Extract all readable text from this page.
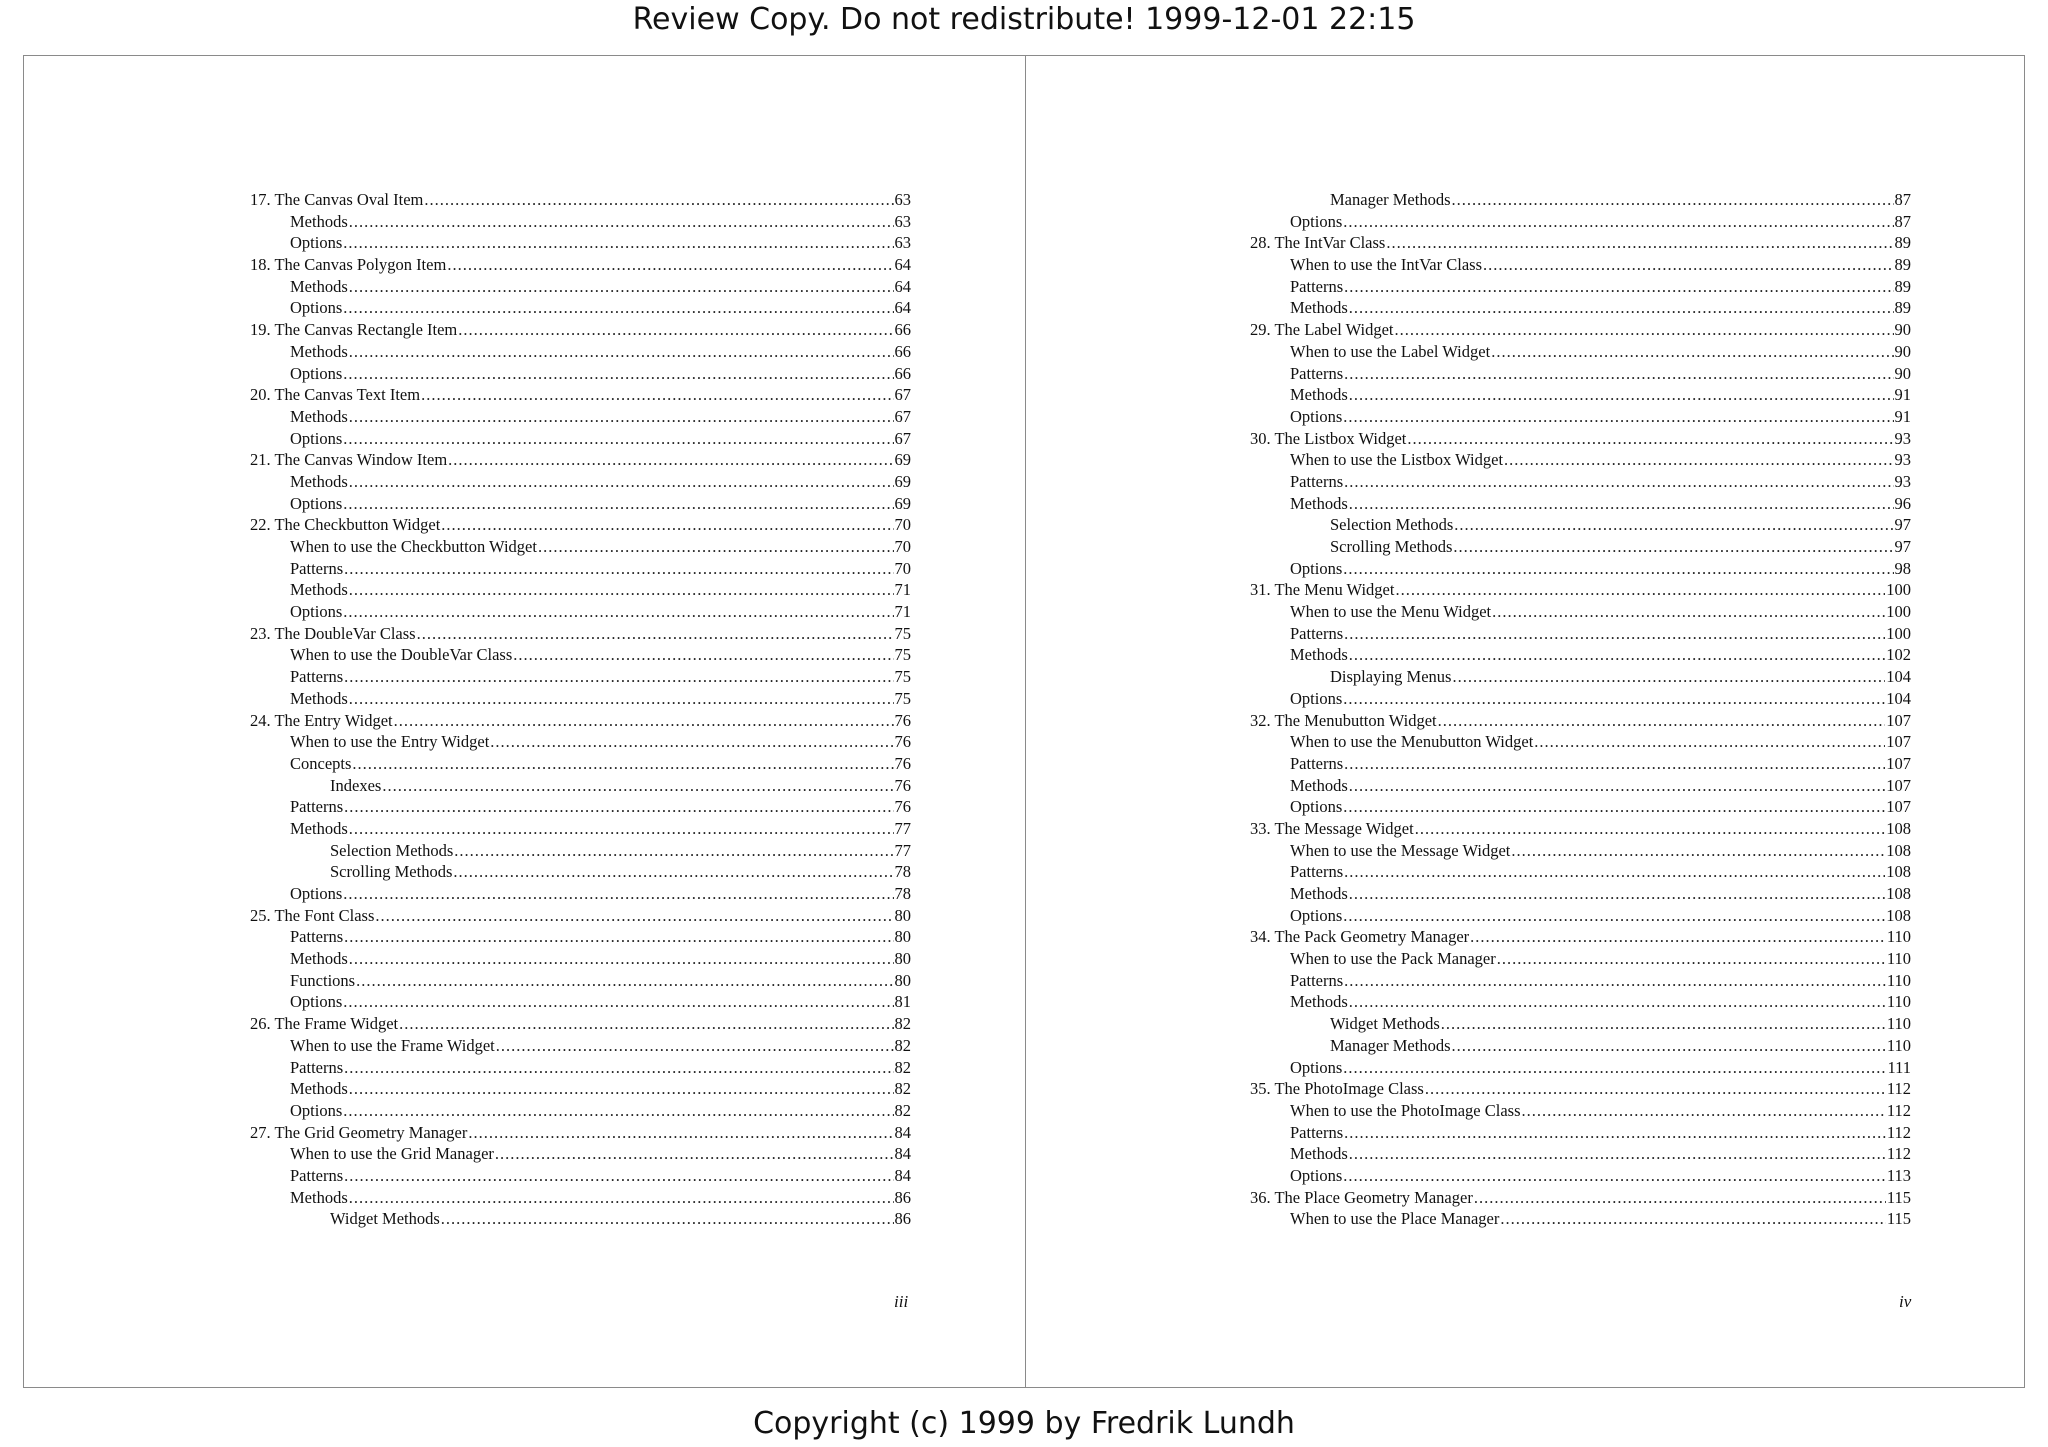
Review Copy. Do not redistribute! 1999-12-01 22:15
17. The Canvas Oval Item .....	63
Methods .....	63
Options .....	63
18. The Canvas Polygon Item .....	64
Methods .....	64
Options .....	64
19. The Canvas Rectangle Item .....	66
Methods .....	66
Options .....	66
20. The Canvas Text Item .....	67
Methods .....	67
Options .....	67
21. The Canvas Window Item .....	69
Methods .....	69
Options .....	69
22. The Checkbutton Widget .....	70
When to use the Checkbutton Widget .....	70
Patterns .....	70
Methods .....	71
Options .....	71
23. The DoubleVar Class .....	75
When to use the DoubleVar Class .....	75
Patterns .....	75
Methods .....	75
24. The Entry Widget .....	76
When to use the Entry Widget .....	76
Concepts .....	76
Indexes .....	76
Patterns .....	76
Methods .....	77
Selection Methods .....	77
Scrolling Methods .....	78
Options .....	78
25. The Font Class .....	80
Patterns .....	80
Methods .....	80
Functions .....	80
Options .....	81
26. The Frame Widget .....	82
When to use the Frame Widget .....	82
Patterns .....	82
Methods .....	82
Options .....	82
27. The Grid Geometry Manager .....	84
When to use the Grid Manager .....	84
Patterns .....	84
Methods .....	86
Widget Methods .....	86
iii
Manager Methods .....	87
Options .....	87
28. The IntVar Class .....	89
When to use the IntVar Class .....	89
Patterns .....	89
Methods .....	89
29. The Label Widget .....	90
When to use the Label Widget .....	90
Patterns .....	90
Methods .....	91
Options .....	91
30. The Listbox Widget .....	93
When to use the Listbox Widget .....	93
Patterns .....	93
Methods .....	96
Selection Methods .....	97
Scrolling Methods .....	97
Options .....	98
31. The Menu Widget .....	100
When to use the Menu Widget .....	100
Patterns .....	100
Methods .....	102
Displaying Menus .....	104
Options .....	104
32. The Menubutton Widget .....	107
When to use the Menubutton Widget .....	107
Patterns .....	107
Methods .....	107
Options .....	107
33. The Message Widget .....	108
When to use the Message Widget .....	108
Patterns .....	108
Methods .....	108
Options .....	108
34. The Pack Geometry Manager .....	110
When to use the Pack Manager .....	110
Patterns .....	110
Methods .....	110
Widget Methods .....	110
Manager Methods .....	110
Options .....	111
35. The PhotoImage Class .....	112
When to use the PhotoImage Class .....	112
Patterns .....	112
Methods .....	112
Options .....	113
36. The Place Geometry Manager .....	115
When to use the Place Manager .....	115
iv
Copyright (c) 1999 by Fredrik Lundh
